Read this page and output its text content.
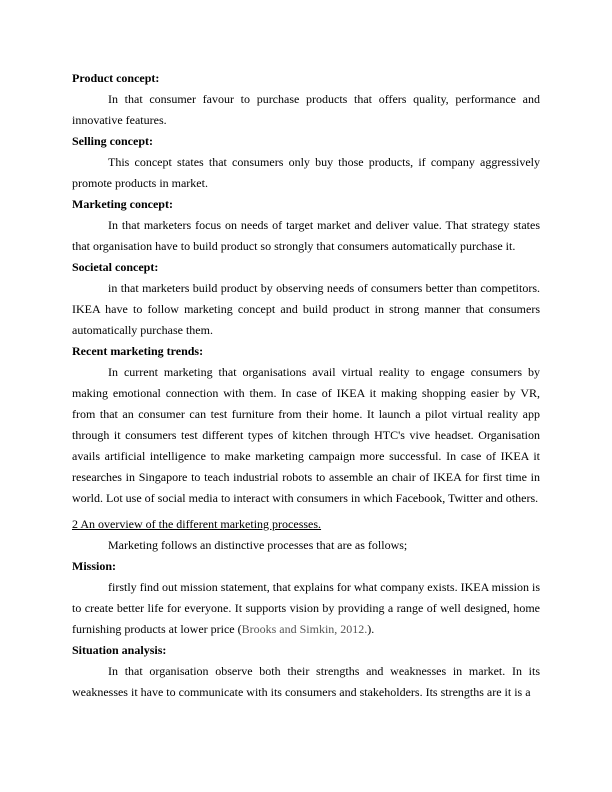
Product concept:

In that consumer favour to purchase products that offers quality, performance and innovative features.

Selling concept:

This concept states that consumers only buy those products, if company aggressively promote products in market.

Marketing concept:

In that marketers focus on needs of target market and deliver value. That strategy states that organisation have to build product so strongly that consumers automatically purchase it.

Societal concept:

in that marketers build product by observing needs of consumers better than competitors. IKEA have to follow marketing concept and build product in strong manner that consumers automatically purchase them.

Recent marketing trends:

In current marketing that organisations avail virtual reality to engage consumers by making emotional connection with them. In case of IKEA it making shopping easier by VR, from that an consumer can test furniture from their home. It launch a pilot virtual reality app through it consumers test different types of kitchen through HTC's vive headset. Organisation avails artificial intelligence to make marketing campaign more successful. In case of IKEA it researches in Singapore to teach industrial robots to assemble an chair of IKEA for first time in world. Lot use of social media to interact with consumers in which Facebook, Twitter and others.

2 An overview of the different marketing processes.

Marketing follows an distinctive processes that are as follows;

Mission:

firstly find out mission statement, that explains for what company exists. IKEA mission is to create better life for everyone. It supports vision by providing a range of well designed, home furnishing products at lower price (Brooks and Simkin, 2012.).

Situation analysis:

In that organisation observe both their strengths and weaknesses in market. In its weaknesses it have to communicate with its consumers and stakeholders. Its strengths are it is a
